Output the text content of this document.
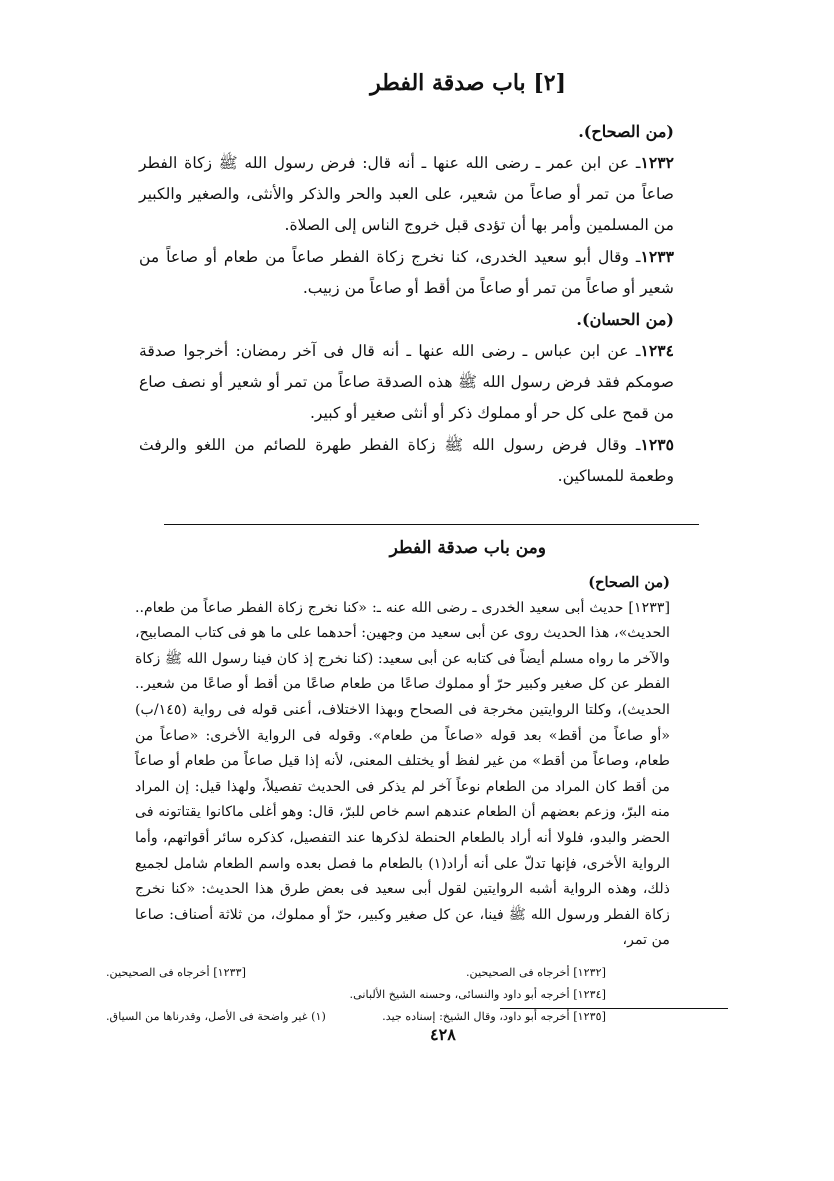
[٢] باب صدقة الفطر

(من الصحاح).

١٢٣٢ـ عن ابن عمر ـ رضى الله عنها ـ أنه قال: فرض رسول الله ﷺ زكاة الفطر صاعاً من تمر أو صاعاً من شعير، على العبد والحر والذكر والأنثى، والصغير والكبير من المسلمين وأمر بها أن تؤدى قبل خروج الناس إلى الصلاة.

١٢٣٣ـ وقال أبو سعيد الخدرى، كنا نخرج زكاة الفطر صاعاً من طعام أو صاعاً من شعير أو صاعاً من تمر أو صاعاً من أقط أو صاعاً من زبيب.

(من الحسان).

١٢٣٤ـ عن ابن عباس ـ رضى الله عنها ـ أنه قال فى آخر رمضان: أخرجوا صدقة صومكم فقد فرض رسول الله ﷺ هذه الصدقة صاعاً من تمر أو شعير أو نصف صاع من قمح على كل حر أو مملوك ذكر أو أنثى صغير أو كبير.

١٢٣٥ـ وقال فرض رسول الله ﷺ زكاة الفطر طهرة للصائم من اللغو والرفث وطعمة للمساكين.

ومن باب صدقة الفطر

(من الصحاح)

[١٢٣٣] حديث أبى سعيد الخدرى ـ رضى الله عنه ـ: «كنا نخرج زكاة الفطر صاعاً من طعام.. الحديث»، هذا الحديث روى عن أبى سعيد من وجهين: أحدهما على ما هو فى كتاب المصابيح، والآخر ما رواه مسلم أيضاً فى كتابه عن أبى سعيد: (كنا نخرج إذ كان فينا رسول الله ﷺ زكاة الفطر عن كل صغير وكبير حرّ أو مملوك صاعًا من طعام صاعًا من أقط أو صاعًا من شعير.. الحديث)، وكلتا الروايتين مخرجة فى الصحاح وبهذا الاختلاف، أعنى قوله فى رواية (١٤٥/ب) «أو صاعاً من أقط» بعد قوله «صاعاً من طعام». وقوله فى الرواية الأخرى: «صاعاً من طعام، وصاعاً من أقط» من غير لفظ أو يختلف المعنى، لأنه إذا قيل صاعاً من طعام أو صاعاً من أقط كان المراد من الطعام نوعاً آخر لم يذكر فى الحديث تفصيلاً، ولهذا قيل: إن المراد منه البرّ، وزعم بعضهم أن الطعام عندهم اسم خاص للبرّ، قال: وهو أغلى ماكانوا يقتاتونه فى الحضر والبدو، فلولا أنه أراد بالطعام الحنطة لذكرها عند التفصيل، كذكره سائر أقواتهم، وأما الرواية الأخرى، فإنها تدلّ على أنه أراد(١) بالطعام ما فصل بعده واسم الطعام شامل لجميع ذلك، وهذه الرواية أشبه الروايتين لقول أبى سعيد فى بعض طرق هذا الحديث: «كنا نخرج زكاة الفطر ورسول الله ﷺ فينا، عن كل صغير وكبير، حرّ أو مملوك، من ثلاثة أصناف: صاعا من تمر،

[١٢٣٢] أخرجاه فى الصحيحين.
[١٢٣٣] أخرجاه فى الصحيحين.
[١٢٣٤] أخرجه أبو داود والنسائى، وحسنه الشيخ الألبانى.
[١٢٣٥] أخرجه أبو داود، وقال الشيخ: إسناده جيد.
(١) غير واضحة فى الأصل، وقدرناها من السياق.
٤٢٨
